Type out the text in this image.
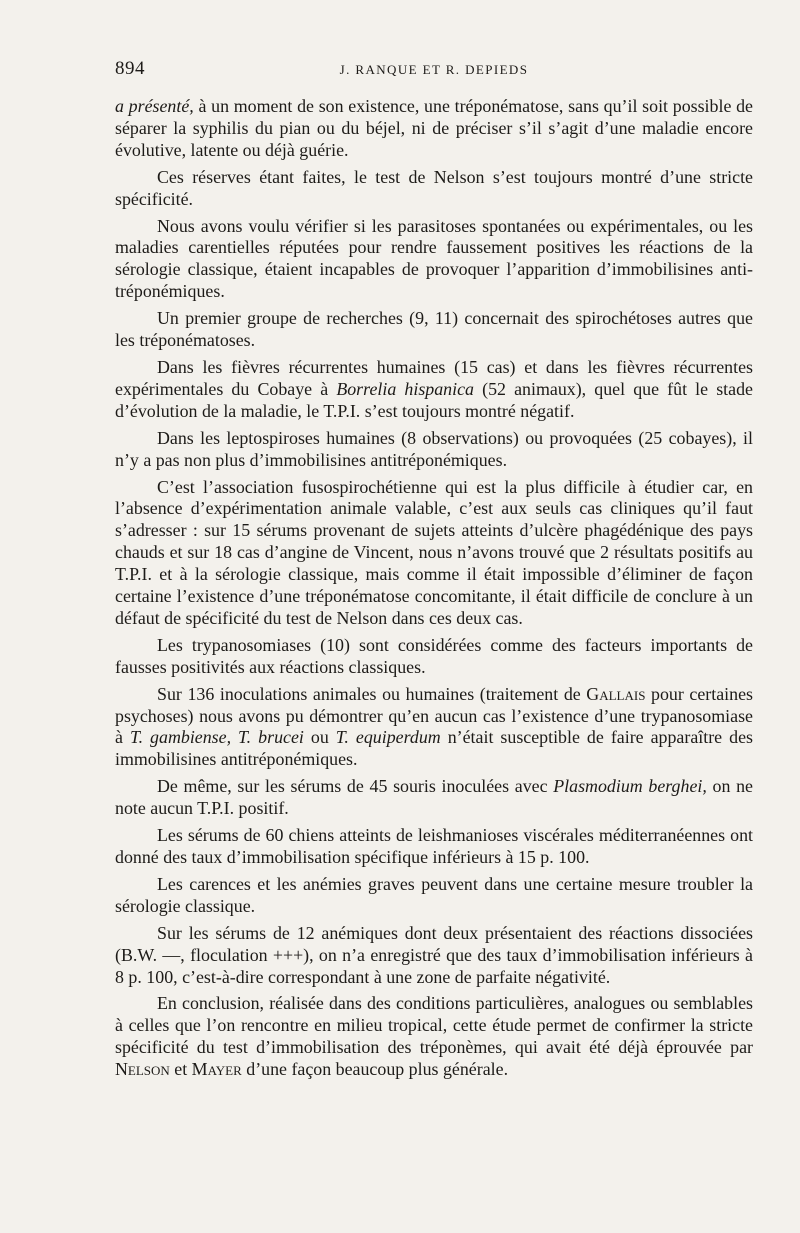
894	J. RANQUE ET R. DEPIEDS

a présenté, à un moment de son existence, une tréponématose, sans qu’il soit possible de séparer la syphilis du pian ou du béjel, ni de préciser s’il s’agit d’une maladie encore évolutive, latente ou déjà guérie.

Ces réserves étant faites, le test de Nelson s’est toujours montré d’une stricte spécificité.

Nous avons voulu vérifier si les parasitoses spontanées ou expérimentales, ou les maladies carentielles réputées pour rendre faussement positives les réactions de la sérologie classique, étaient incapables de provoquer l’apparition d’immobilisines anti-tréponémiques.

Un premier groupe de recherches (9, 11) concernait des spirochétoses autres que les tréponématoses.

Dans les fièvres récurrentes humaines (15 cas) et dans les fièvres récurrentes expérimentales du Cobaye à Borrelia hispanica (52 animaux), quel que fût le stade d’évolution de la maladie, le T.P.I. s’est toujours montré négatif.

Dans les leptospiroses humaines (8 observations) ou provoquées (25 cobayes), il n’y a pas non plus d’immobilisines antitréponémiques.

C’est l’association fusospirochétienne qui est la plus difficile à étudier car, en l’absence d’expérimentation animale valable, c’est aux seuls cas cliniques qu’il faut s’adresser : sur 15 sérums provenant de sujets atteints d’ulcère phagédénique des pays chauds et sur 18 cas d’angine de Vincent, nous n’avons trouvé que 2 résultats positifs au T.P.I. et à la sérologie classique, mais comme il était impossible d’éliminer de façon certaine l’existence d’une tréponématose concomitante, il était difficile de conclure à un défaut de spécificité du test de Nelson dans ces deux cas.

Les trypanosomiases (10) sont considérées comme des facteurs importants de fausses positivités aux réactions classiques.

Sur 136 inoculations animales ou humaines (traitement de Gallais pour certaines psychoses) nous avons pu démontrer qu’en aucun cas l’existence d’une trypanosomiase à T. gambiense, T. brucei ou T. equiperdum n’était susceptible de faire apparaître des immobilisines antitréponémiques.

De même, sur les sérums de 45 souris inoculées avec Plasmodium berghei, on ne note aucun T.P.I. positif.

Les sérums de 60 chiens atteints de leishmanioses viscérales méditerranéennes ont donné des taux d’immobilisation spécifique inférieurs à 15 p. 100.

Les carences et les anémies graves peuvent dans une certaine mesure troubler la sérologie classique.

Sur les sérums de 12 anémiques dont deux présentaient des réactions dissociées (B.W. —, floculation +++), on n’a enregistré que des taux d’immobilisation inférieurs à 8 p. 100, c’est-à-dire correspondant à une zone de parfaite négativité.

En conclusion, réalisée dans des conditions particulières, analogues ou semblables à celles que l’on rencontre en milieu tropical, cette étude permet de confirmer la stricte spécificité du test d’immobilisation des tréponèmes, qui avait été déjà éprouvée par Nelson et Mayer d’une façon beaucoup plus générale.
